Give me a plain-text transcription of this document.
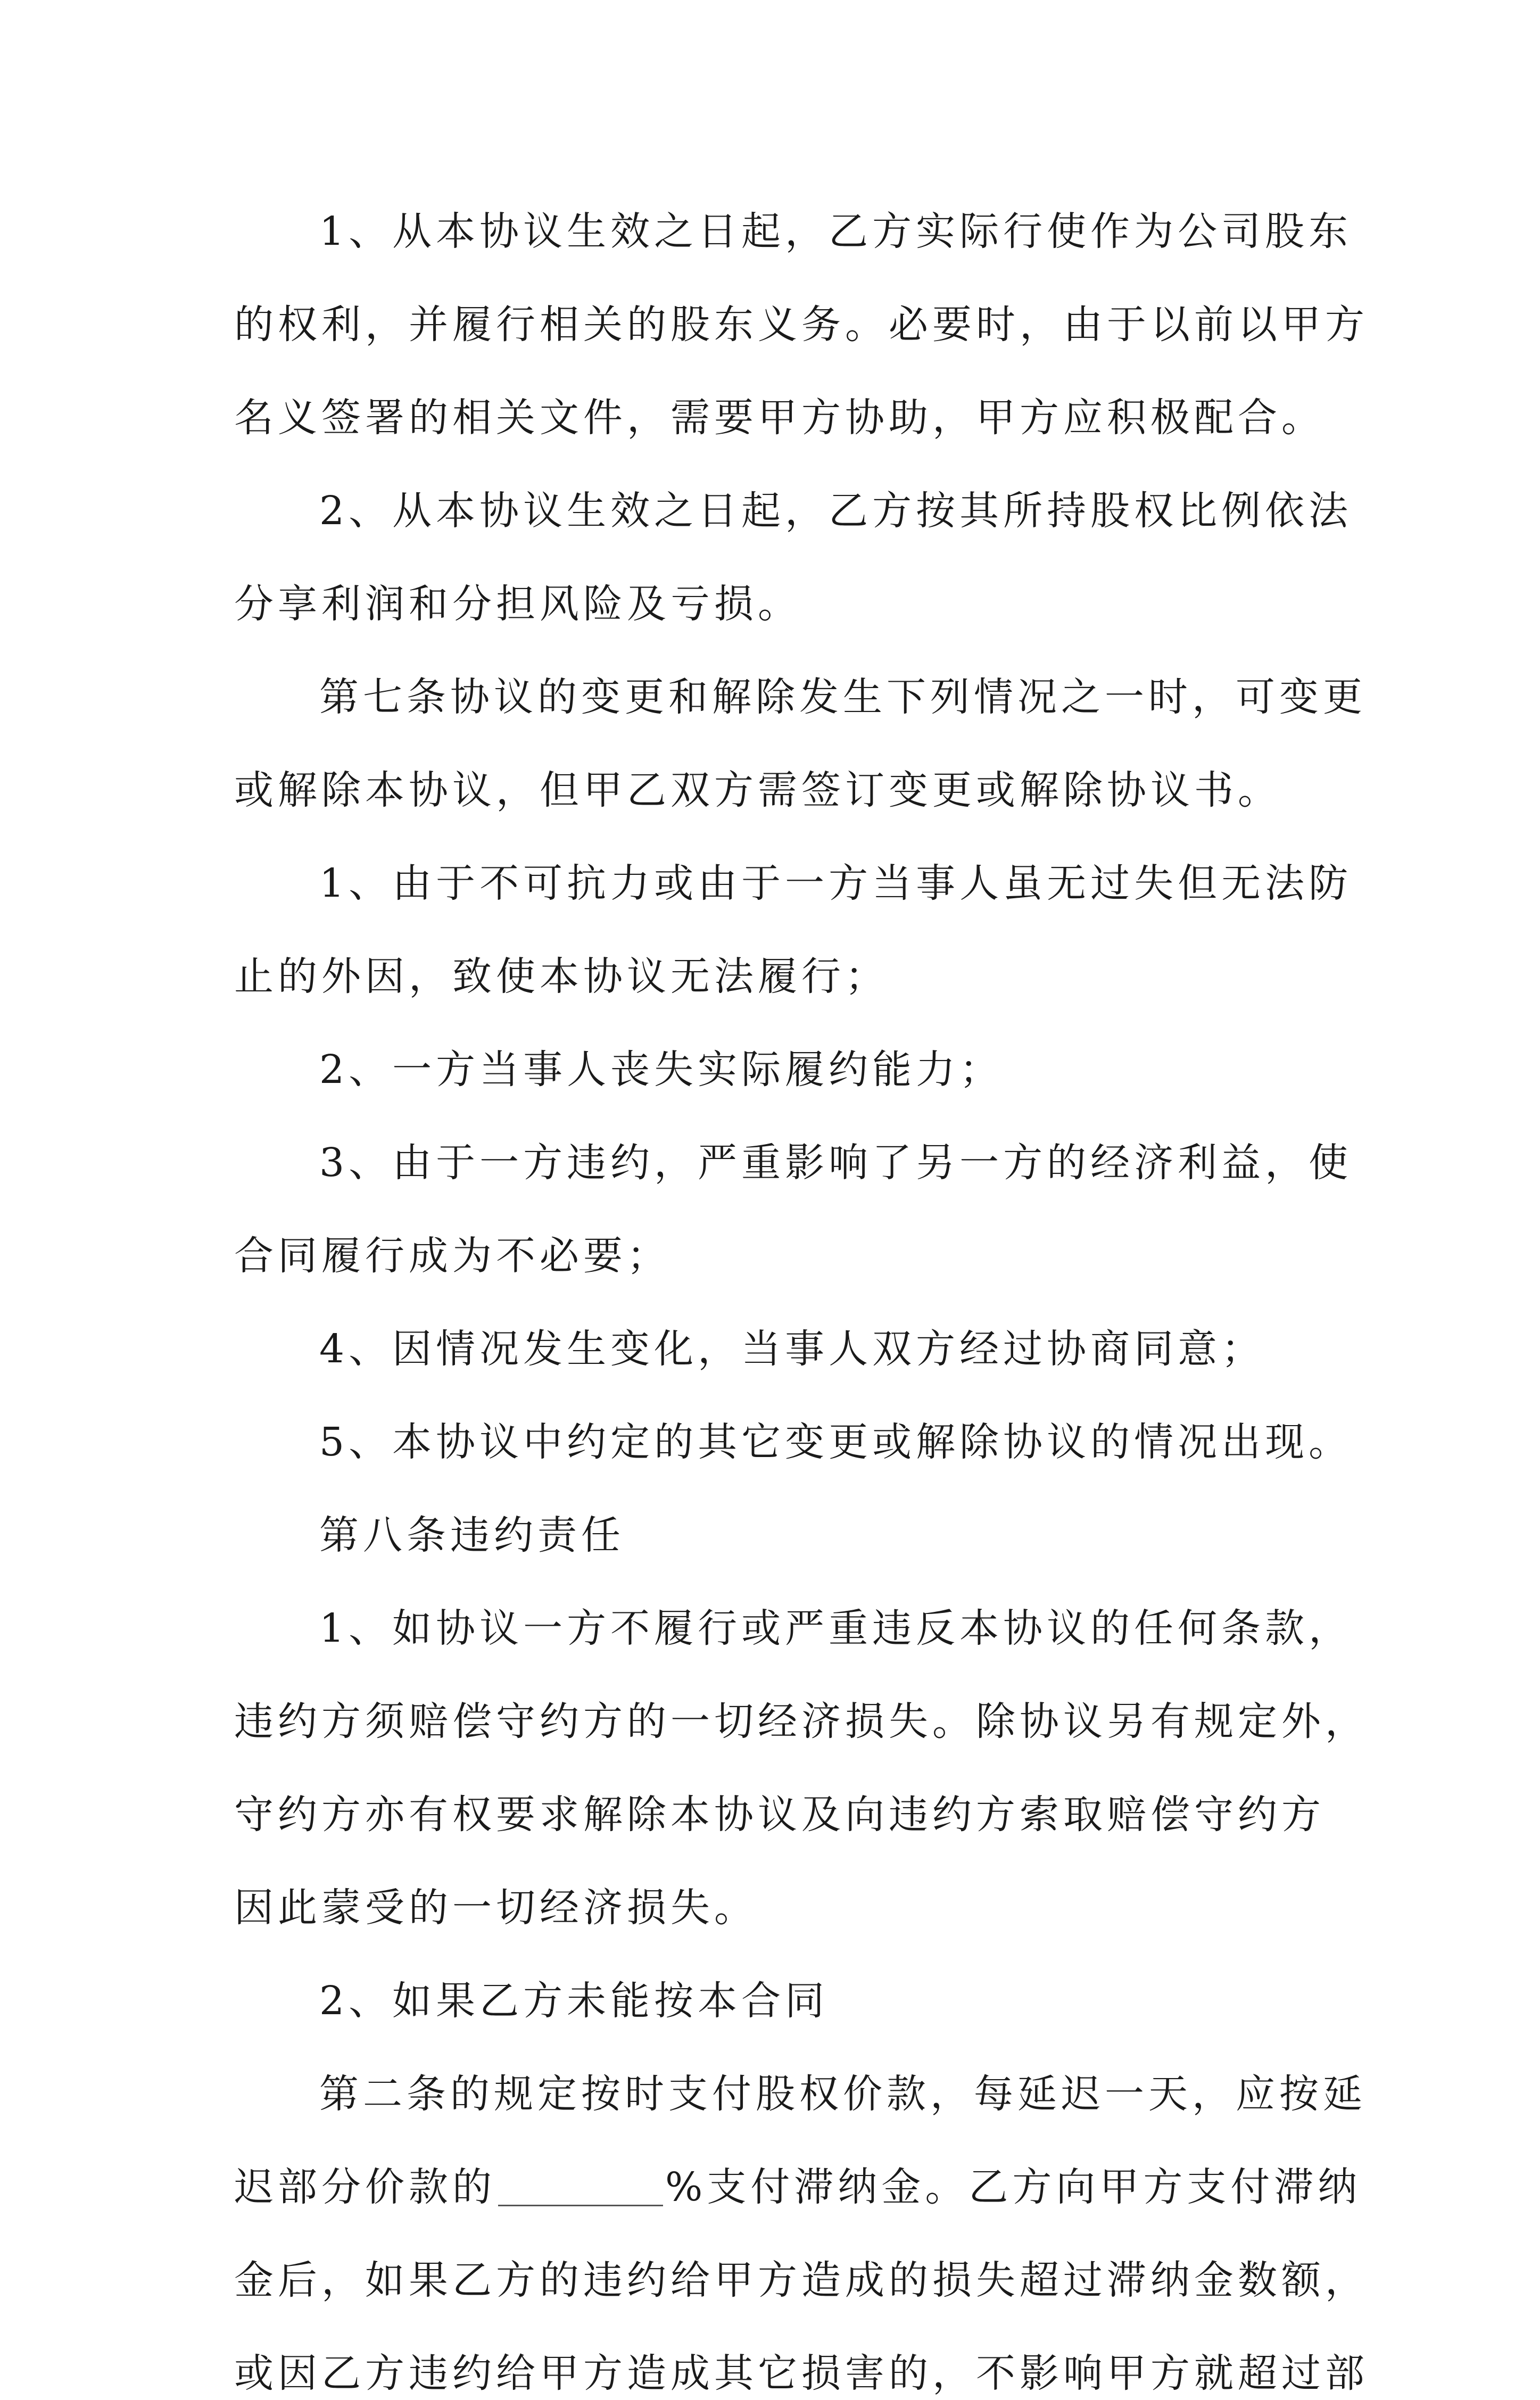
1、从本协议生效之日起，乙方实际行使作为公司股东
的权利，并履行相关的股东义务。必要时，由于以前以甲方
名义签署的相关文件，需要甲方协助，甲方应积极配合。
2、从本协议生效之日起，乙方按其所持股权比例依法
分享利润和分担风险及亏损。
第七条协议的变更和解除发生下列情况之一时，可变更
或解除本协议，但甲乙双方需签订变更或解除协议书。
1、由于不可抗力或由于一方当事人虽无过失但无法防
止的外因，致使本协议无法履行；
2、一方当事人丧失实际履约能力；
3、由于一方违约，严重影响了另一方的经济利益，使
合同履行成为不必要；
4、因情况发生变化，当事人双方经过协商同意；
5、本协议中约定的其它变更或解除协议的情况出现。
第八条违约责任
1、如协议一方不履行或严重违反本协议的任何条款，
违约方须赔偿守约方的一切经济损失。除协议另有规定外，
守约方亦有权要求解除本协议及向违约方索取赔偿守约方
因此蒙受的一切经济损失。
2、如果乙方未能按本合同
第二条的规定按时支付股权价款，每延迟一天，应按延
迟部分价款的	%支付滞纳金。乙方向甲方支付滞纳
金后，如果乙方的违约给甲方造成的损失超过滞纳金数额，
或因乙方违约给甲方造成其它损害的，不影响甲方就超过部
